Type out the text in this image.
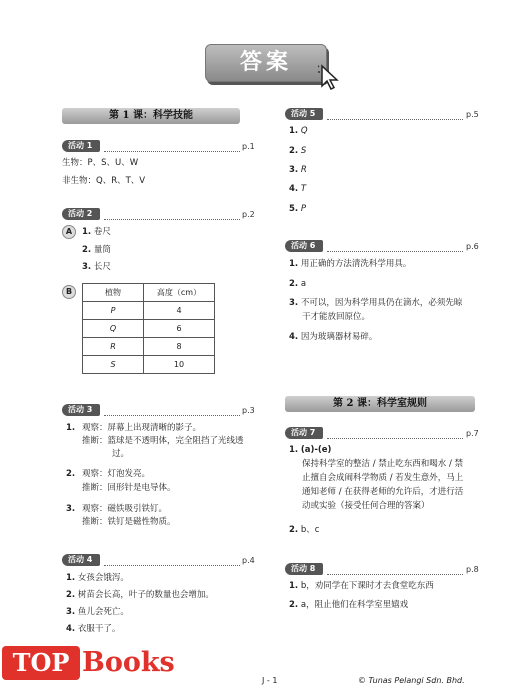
答案
第 1 课：科学技能
活动 1	p.1
生物：P、S、U、W
非生物：Q、R、T、V
活动 2	p.2
A	1. 卷尺
2. 量筒
3. 长尺
B	植物	高度（cm）
P	4
Q	6
R	8
S	10
活动 3	p.3
1. 观察：屏幕上出现清晰的影子。
推断：篮球是不透明体，完全阻挡了光线透
过。
2. 观察：灯泡发亮。
推断：回形针是电导体。
3. 观察：磁铁吸引铁钉。
推断：铁钉是磁性物质。
活动 4	p.4
1. 女孩会饿泻。
2. 树苗会长高，叶子的数量也会增加。
3. 鱼儿会死亡。
4. 衣服干了。
活动 5	p.5
1. Q
2. S
3. R
4. T
5. P
活动 6	p.6
1. 用正确的方法清洗科学用具。
2. a
3. 不可以，因为科学用具仍在滴水，必须先晾
干才能放回原位。
4. 因为玻璃器材易碎。
第 2 课：科学室规则
活动 7	p.7
1. (a)-(e)
保持科学室的整洁 / 禁止吃东西和喝水 / 禁
止擅自会成闹科学物质 / 若发生意外，马上
通知老师 / 在获得老师的允许后，才进行活
动或实验（接受任何合理的答案）
2. b、c
活动 8	p.8
1. b，劝同学在下课时才去食堂吃东西
2. a，阻止他们在科学室里嬉戏
J - 1	© Tunas Pelangi Sdn. Bhd.
TOP Books
